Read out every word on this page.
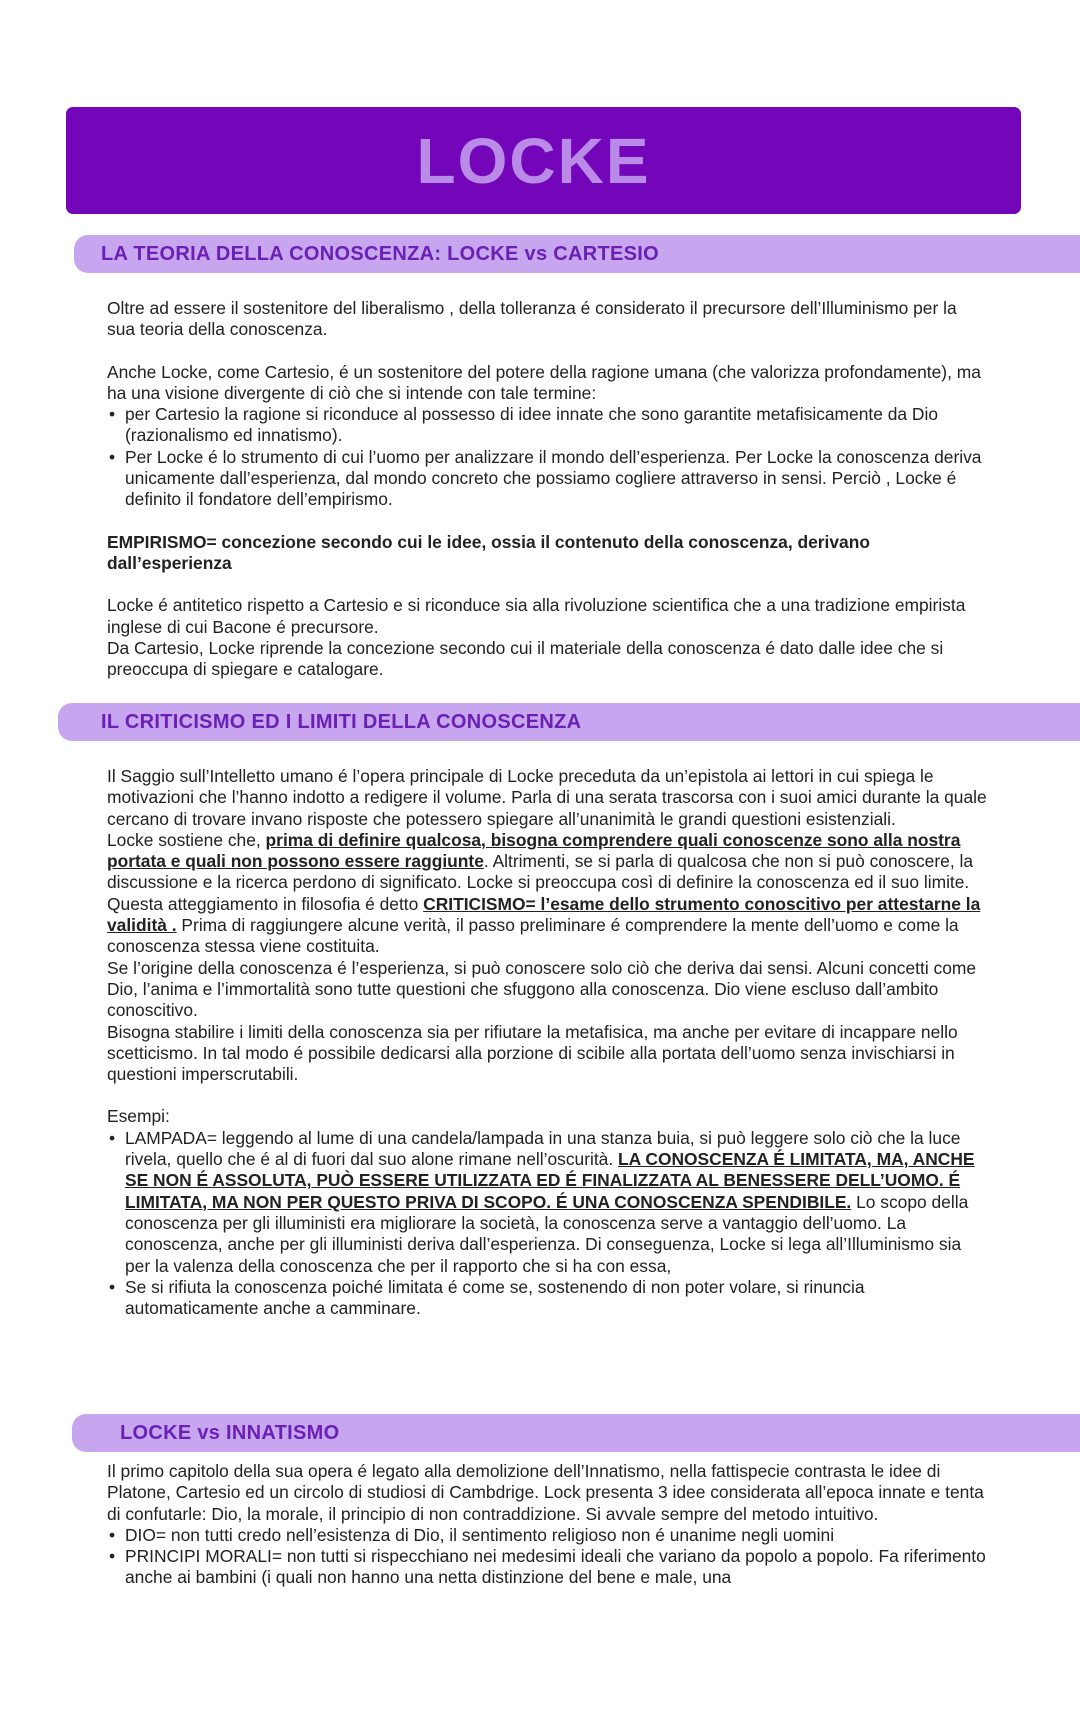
LOCKE
LA TEORIA DELLA CONOSCENZA: LOCKE vs CARTESIO

Oltre ad essere il sostenitore del liberalismo , della tolleranza é considerato il precursore dell’Illuminismo per la sua teoria della conoscenza.

Anche Locke, come Cartesio, é un sostenitore del potere della ragione umana (che valorizza profondamente), ma ha una visione divergente di ciò che si intende con tale termine:

• per Cartesio la ragione si riconduce al possesso di idee innate che sono garantite metafisicamente da Dio (razionalismo ed innatismo).
• Per Locke é lo strumento di cui l’uomo per analizzare il mondo dell’esperienza. Per Locke la conoscenza deriva unicamente dall’esperienza, dal mondo concreto che possiamo cogliere attraverso in sensi. Perciò , Locke é definito il fondatore dell’empirismo.

EMPIRISMO= concezione secondo cui le idee, ossia il contenuto della conoscenza, derivano dall’esperienza

Locke é antitetico rispetto a Cartesio e si riconduce sia alla rivoluzione scientifica che a una tradizione empirista inglese di cui Bacone é precursore.

Da Cartesio, Locke riprende la concezione secondo cui il materiale della conoscenza é dato dalle idee che si preoccupa di spiegare e catalogare.

IL CRITICISMO ED I LIMITI DELLA CONOSCENZA

Il Saggio sull’Intelletto umano é l’opera principale di Locke preceduta da un’epistola ai lettori in cui spiega le motivazioni che l’hanno indotto a redigere il volume. Parla di una serata trascorsa con i suoi amici durante la quale cercano di trovare invano risposte che potessero spiegare all’unanimità le grandi questioni esistenziali.

Locke sostiene che, prima di definire qualcosa, bisogna comprendere quali conoscenze sono alla nostra portata e quali non possono essere raggiunte. Altrimenti, se si parla di qualcosa che non si può conoscere, la discussione e la ricerca perdono di significato. Locke si preoccupa così di definire la conoscenza ed il suo limite.

Questa atteggiamento in filosofia é detto CRITICISMO= l’esame dello strumento conoscitivo per attestarne la validità . Prima di raggiungere alcune verità, il passo preliminare é comprendere la mente dell’uomo e come la conoscenza stessa viene costituita.

Se l’origine della conoscenza é l’esperienza, si può conoscere solo ciò che deriva dai sensi. Alcuni concetti come Dio, l’anima e l’immortalità sono tutte questioni che sfuggono alla conoscenza. Dio viene escluso dall’ambito conoscitivo.

Bisogna stabilire i limiti della conoscenza sia per rifiutare la metafisica, ma anche per evitare di incappare nello scetticismo. In tal modo é possibile dedicarsi alla porzione di scibile alla portata dell’uomo senza invischiarsi in questioni imperscrutabili.

Esempi:

• LAMPADA= leggendo al lume di una candela/lampada in una stanza buia, si può leggere solo ciò che la luce rivela, quello che é al di fuori dal suo alone rimane nell’oscurità. LA CONOSCENZA É LIMITATA, MA, ANCHE SE NON É ASSOLUTA, PUÒ ESSERE UTILIZZATA ED É FINALIZZATA AL BENESSERE DELL’UOMO. É LIMITATA, MA NON PER QUESTO PRIVA DI SCOPO. É UNA CONOSCENZA SPENDIBILE. Lo scopo della conoscenza per gli illuministi era migliorare la società, la conoscenza serve a vantaggio dell’uomo. La conoscenza, anche per gli illuministi deriva dall’esperienza. Di conseguenza, Locke si lega all’Illuminismo sia per la valenza della conoscenza che per il rapporto che si ha con essa,
• Se si rifiuta la conoscenza poiché limitata é come se, sostenendo di non poter volare, si rinuncia automaticamente anche a camminare.
LOCKE vs INNATISMO

Il primo capitolo della sua opera é legato alla demolizione dell’Innatismo, nella fattispecie contrasta le idee di Platone, Cartesio ed un circolo di studiosi di Cambdrige. Lock presenta 3 idee considerata all’epoca innate e tenta di confutarle: Dio, la morale, il principio di non contraddizione. Si avvale sempre del metodo intuitivo.

• DIO= non tutti credo nell’esistenza di Dio, il sentimento religioso non é unanime negli uomini
• PRINCIPI MORALI= non tutti si rispecchiano nei medesimi ideali che variano da popolo a popolo. Fa riferimento anche ai bambini (i quali non hanno una netta distinzione del bene e male, una
